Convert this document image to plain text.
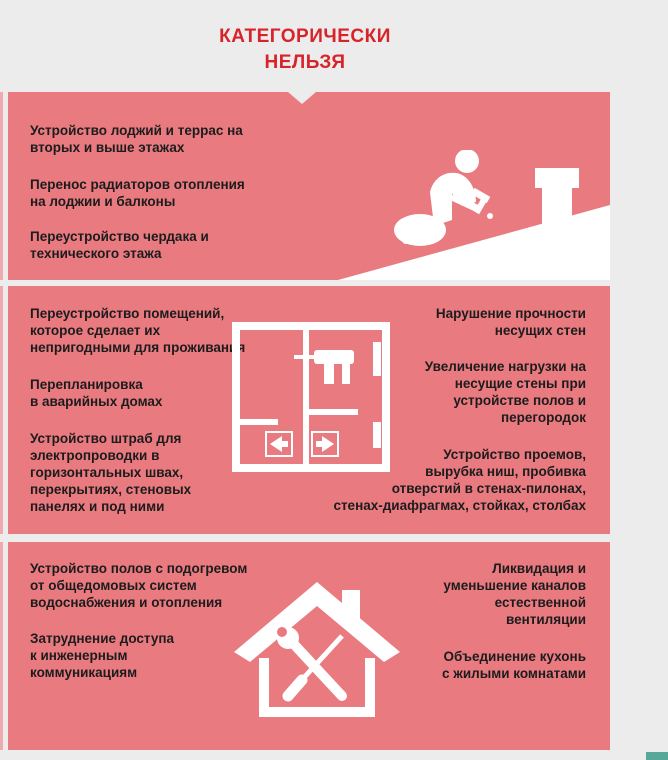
КАТЕГОРИЧЕСКИ
НЕЛЬЗЯ
Устройство лоджий и террас на
вторых и выше этажах
Перенос радиаторов отопления
на лоджии и балконы
Переустройство чердака и
технического этажа
Переустройство помещений,
которое сделает их
непригодными для проживания
Перепланировка
в аварийных домах
Устройство штраб для
электропроводки в
горизонтальных швах,
перекрытиях, стеновых
панелях и под ними
Нарушение прочности
несущих стен
Увеличение нагрузки на
несущие стены при
устройстве полов и
перегородок
Устройство проемов,
вырубка ниш, пробивка
отверстий в стенах-пилонах,
стенах-диафрагмах, стойках, столбах
Устройство полов с подогревом
от общедомовых систем
водоснабжения и отопления
Затруднение доступа
к инженерным
коммуникациям
Ликвидация и
уменьшение каналов
естественной
вентиляции
Объединение кухонь
с жилыми комнатами
